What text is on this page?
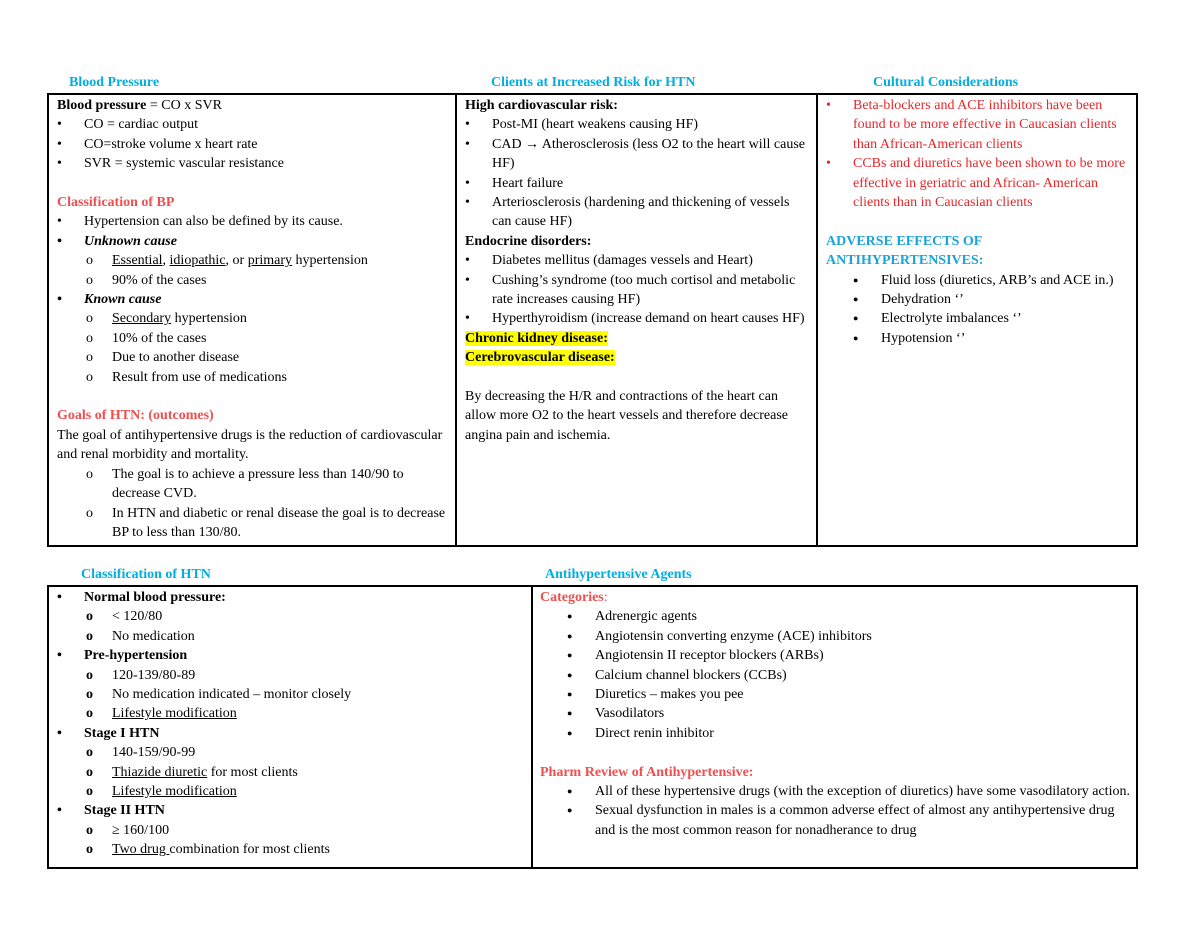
Blood Pressure	Clients at Increased Risk for HTN	Cultural Considerations
Blood pressure = CO x SVR
• CO = cardiac output
• CO=stroke volume x heart rate
• SVR = systemic vascular resistance
Classification of BP
• Hypertension can also be defined by its cause.
• Unknown cause
o Essential, idiopathic, or primary hypertension
o 90% of the cases
• Known cause
o Secondary hypertension
o 10% of the cases
o Due to another disease
o Result from use of medications
Goals of HTN: (outcomes)
The goal of antihypertensive drugs is the reduction of cardiovascular and renal morbidity and mortality.
o The goal is to achieve a pressure less than 140/90 to decrease CVD.
o In HTN and diabetic or renal disease the goal is to decrease BP to less than 130/80.
High cardiovascular risk:
• Post-MI (heart weakens causing HF)
• CAD → Atherosclerosis (less O2 to the heart will cause HF)
• Heart failure
• Arteriosclerosis (hardening and thickening of vessels can cause HF)
Endocrine disorders:
• Diabetes mellitus (damages vessels and Heart)
• Cushing’s syndrome (too much cortisol and metabolic rate increases causing HF)
• Hyperthyroidism (increase demand on heart causes HF)
Chronic kidney disease:
Cerebrovascular disease:
By decreasing the H/R and contractions of the heart can allow more O2 to the heart vessels and therefore decrease angina pain and ischemia.
• Beta-blockers and ACE inhibitors have been found to be more effective in Caucasian clients than African-American clients
• CCBs and diuretics have been shown to be more effective in geriatric and African- American clients than in Caucasian clients
ADVERSE EFFECTS OF ANTIHYPERTENSIVES:
● Fluid loss (diuretics, ARB’s and ACE in.)
● Dehydration ‘’
● Electrolyte imbalances ‘’
● Hypotension ‘’
Classification of HTN	Antihypertensive Agents
• Normal blood pressure:
o < 120/80
o No medication
• Pre-hypertension
o 120-139/80-89
o No medication indicated – monitor closely
o Lifestyle modification
• Stage I HTN
o 140-159/90-99
o Thiazide diuretic for most clients
o Lifestyle modification
• Stage II HTN
o ≥ 160/100
o Two drug combination for most clients
Categories:
● Adrenergic agents
● Angiotensin converting enzyme (ACE) inhibitors
● Angiotensin II receptor blockers (ARBs)
● Calcium channel blockers (CCBs)
● Diuretics – makes you pee
● Vasodilators
● Direct renin inhibitor
Pharm Review of Antihypertensive:
● All of these hypertensive drugs (with the exception of diuretics) have some vasodilatory action.
● Sexual dysfunction in males is a common adverse effect of almost any antihypertensive drug and is the most common reason for nonadherance to drug
